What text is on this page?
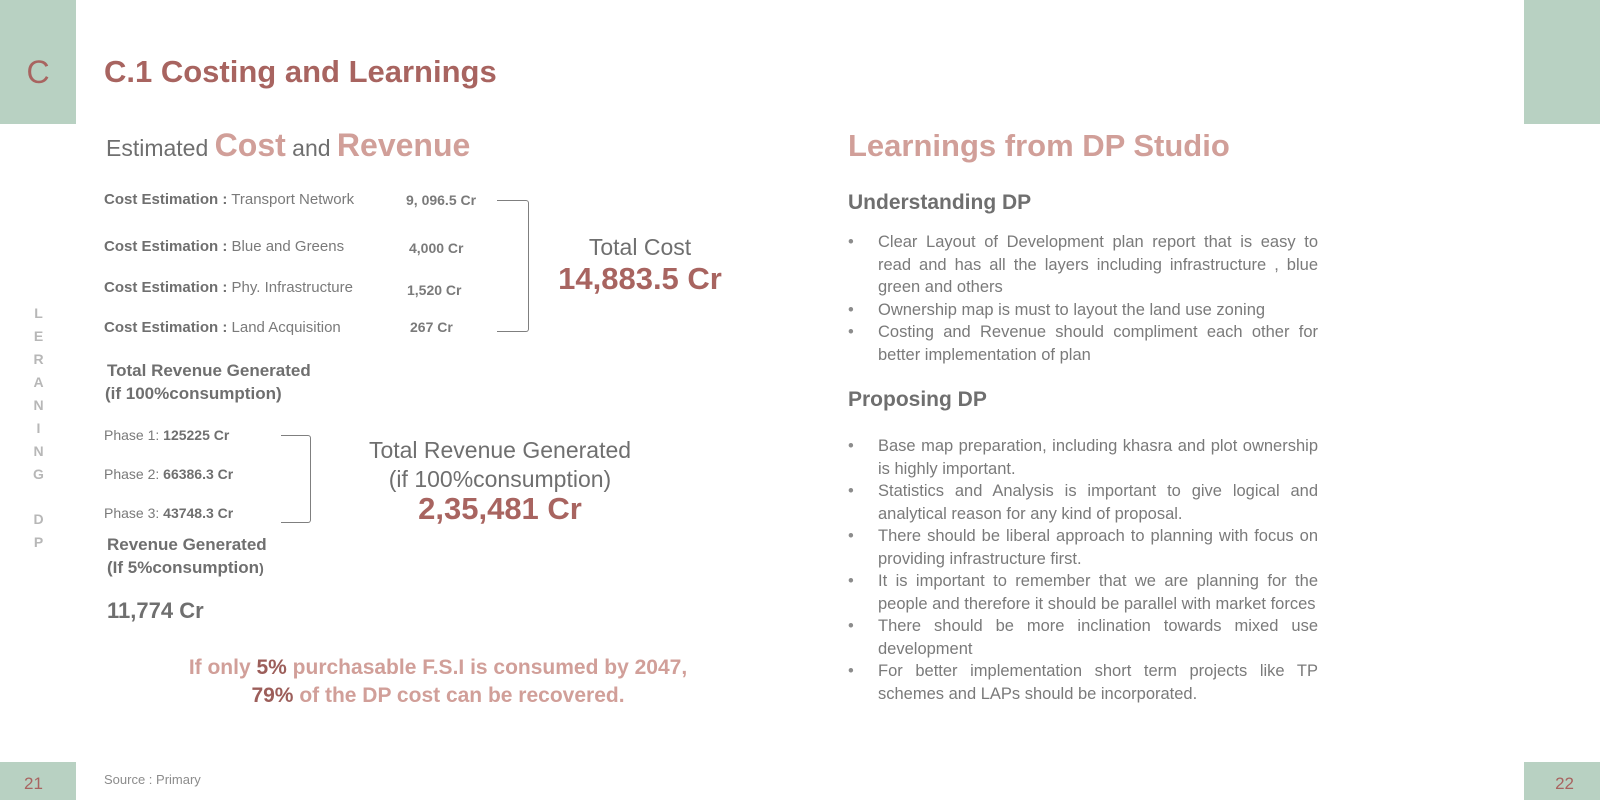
C
21	22
L
E
R
A
N
I
N
G
D
P
C.1 Costing and Learnings
Estimated Cost and Revenue
Cost Estimation : Transport Network	9, 096.5 Cr
Cost Estimation : Blue and Greens	4,000 Cr
Cost Estimation : Phy. Infrastructure	1,520 Cr
Cost Estimation : Land Acquisition	267 Cr
Total Cost
14,883.5 Cr
Total Revenue Generated
(if 100%consumption)
Phase 1: 125225 Cr
Phase 2: 66386.3 Cr
Phase 3: 43748.3 Cr
Total Revenue Generated
(if 100%consumption)
2,35,481 Cr
Revenue Generated
(If 5%consumption)
11,774 Cr
If only 5% purchasable F.S.I is consumed by 2047,
79% of the DP cost can be recovered.
Source : Primary
Learnings from DP Studio
Understanding DP
• Clear Layout of Development plan report that is easy to read and has all the layers including infrastructure , blue green and others
• Ownership map is must to layout the land use zoning
• Costing and Revenue should compliment each other for better implementation of plan
Proposing DP
• Base map preparation, including khasra and plot ownership is highly important.
• Statistics and Analysis is important to give logical and analytical reason for any kind of proposal.
• There should be liberal approach to planning with focus on providing infrastructure first.
• It is important to remember that we are planning for the people and therefore it should be parallel with market forces
• There should be more inclination towards mixed use development
• For better implementation short term projects like TP schemes and LAPs should be incorporated.
